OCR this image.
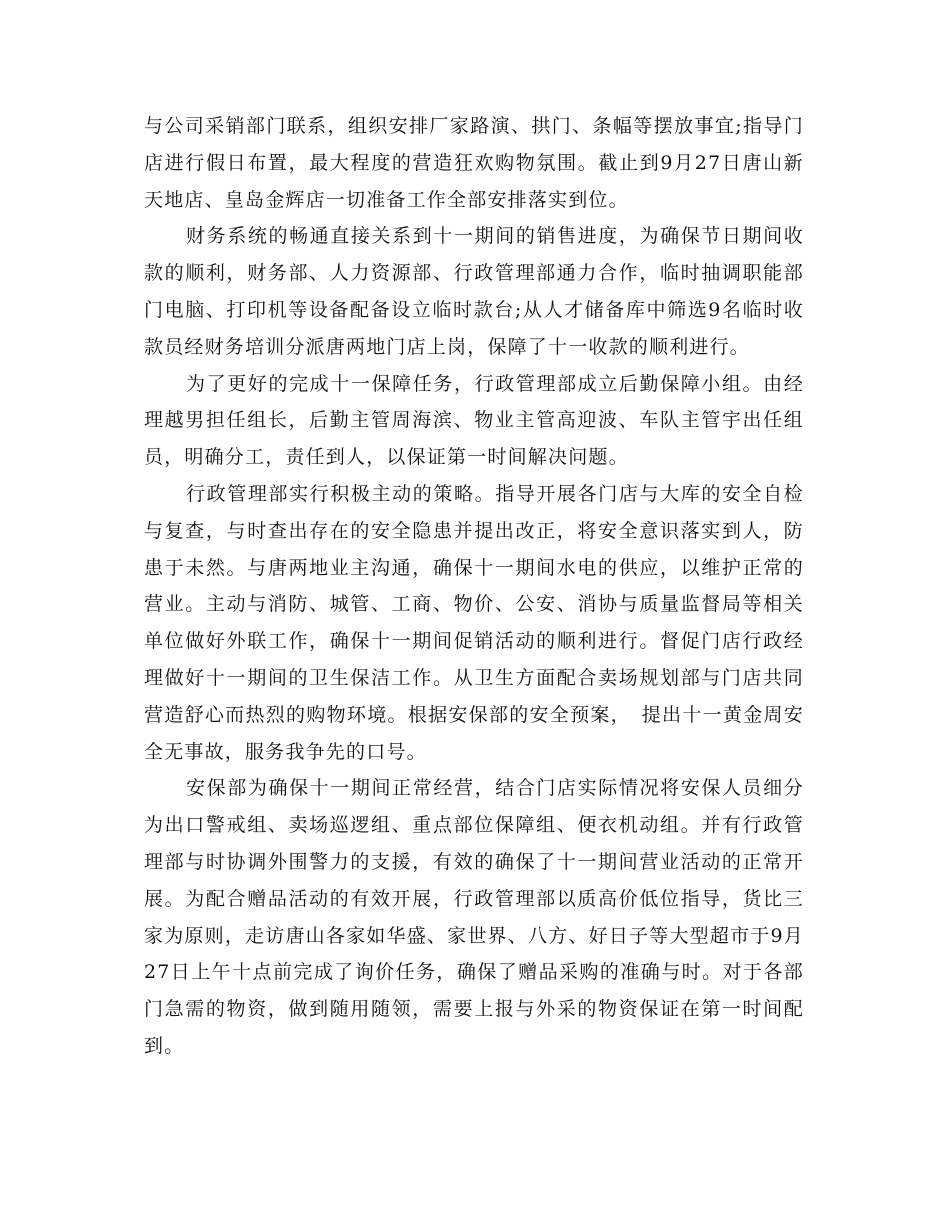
与公司采销部门联系，组织安排厂家路演、拱门、条幅等摆放事宜;指导门店进行假日布置，最大程度的营造狂欢购物氛围。截止到9月27日唐山新天地店、皇岛金辉店一切准备工作全部安排落实到位。

财务系统的畅通直接关系到十一期间的销售进度，为确保节日期间收款的顺利，财务部、人力资源部、行政管理部通力合作，临时抽调职能部门电脑、打印机等设备配备设立临时款台;从人才储备库中筛选9名临时收款员经财务培训分派唐两地门店上岗，保障了十一收款的顺利进行。

为了更好的完成十一保障任务，行政管理部成立后勤保障小组。由经理越男担任组长，后勤主管周海滨、物业主管高迎波、车队主管宇出任组员，明确分工，责任到人，以保证第一时间解决问题。

行政管理部实行积极主动的策略。指导开展各门店与大库的安全自检与复查，与时查出存在的安全隐患并提出改正，将安全意识落实到人，防患于未然。与唐两地业主沟通，确保十一期间水电的供应，以维护正常的营业。主动与消防、城管、工商、物价、公安、消协与质量监督局等相关单位做好外联工作，确保十一期间促销活动的顺利进行。督促门店行政经理做好十一期间的卫生保洁工作。从卫生方面配合卖场规划部与门店共同营造舒心而热烈的购物环境。根据安保部的安全预案，　提出十一黄金周安全无事故，服务我争先的口号。

安保部为确保十一期间正常经营，结合门店实际情况将安保人员细分为出口警戒组、卖场巡逻组、重点部位保障组、便衣机动组。并有行政管理部与时协调外围警力的支援，有效的确保了十一期间营业活动的正常开展。为配合赠品活动的有效开展，行政管理部以质高价低位指导，货比三家为原则，走访唐山各家如华盛、家世界、八方、好日子等大型超市于9月27日上午十点前完成了询价任务，确保了赠品采购的准确与时。对于各部门急需的物资，做到随用随领，需要上报与外采的物资保证在第一时间配到。
